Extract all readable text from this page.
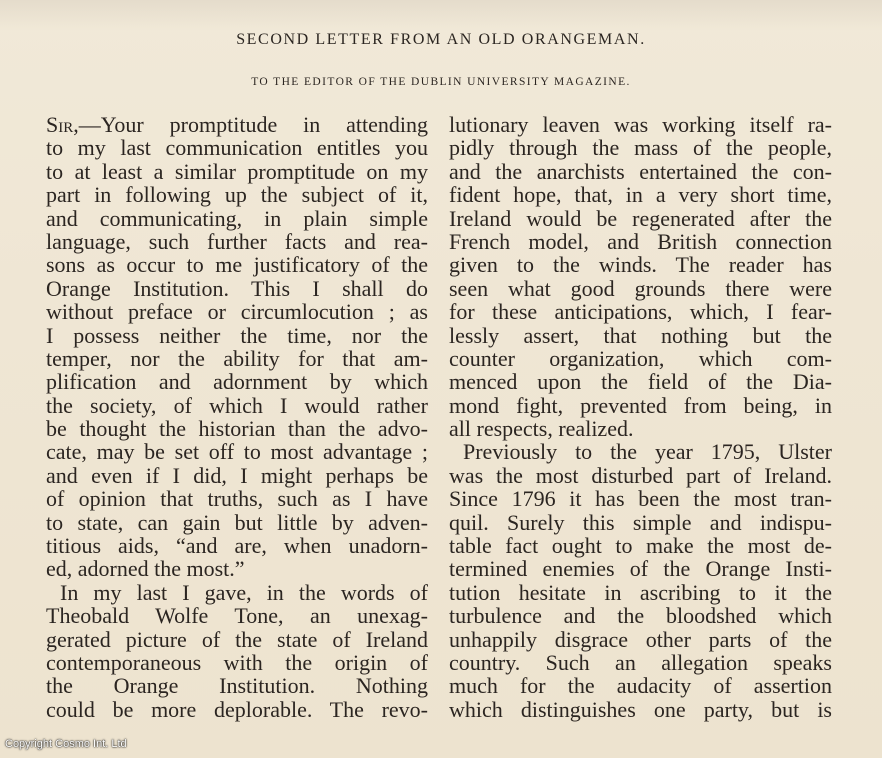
SECOND LETTER FROM AN OLD ORANGEMAN.
TO THE EDITOR OF THE DUBLIN UNIVERSITY MAGAZINE.
Sir,—Your promptitude in attending
to my last communication entitles you
to at least a similar promptitude on my
part in following up the subject of it,
and communicating, in plain simple
language, such further facts and rea-
sons as occur to me justificatory of the
Orange Institution. This I shall do
without preface or circumlocution ; as
I possess neither the time, nor the
temper, nor the ability for that am-
plification and adornment by which
the society, of which I would rather
be thought the historian than the advo-
cate, may be set off to most advantage ;
and even if I did, I might perhaps be
of opinion that truths, such as I have
to state, can gain but little by adven-
titious aids, “and are, when unadorn-
ed, adorned the most.”
In my last I gave, in the words of
Theobald Wolfe Tone, an unexag-
gerated picture of the state of Ireland
contemporaneous with the origin of
the Orange Institution. Nothing
could be more deplorable. The revo-
lutionary leaven was working itself ra-
pidly through the mass of the people,
and the anarchists entertained the con-
fident hope, that, in a very short time,
Ireland would be regenerated after the
French model, and British connection
given to the winds. The reader has
seen what good grounds there were
for these anticipations, which, I fear-
lessly assert, that nothing but the
counter organization, which com-
menced upon the field of the Dia-
mond fight, prevented from being, in
all respects, realized.
Previously to the year 1795, Ulster
was the most disturbed part of Ireland.
Since 1796 it has been the most tran-
quil. Surely this simple and indispu-
table fact ought to make the most de-
termined enemies of the Orange Insti-
tution hesitate in ascribing to it the
turbulence and the bloodshed which
unhappily disgrace other parts of the
country. Such an allegation speaks
much for the audacity of assertion
which distinguishes one party, but is
Copyright Cosmo Int. Ltd
